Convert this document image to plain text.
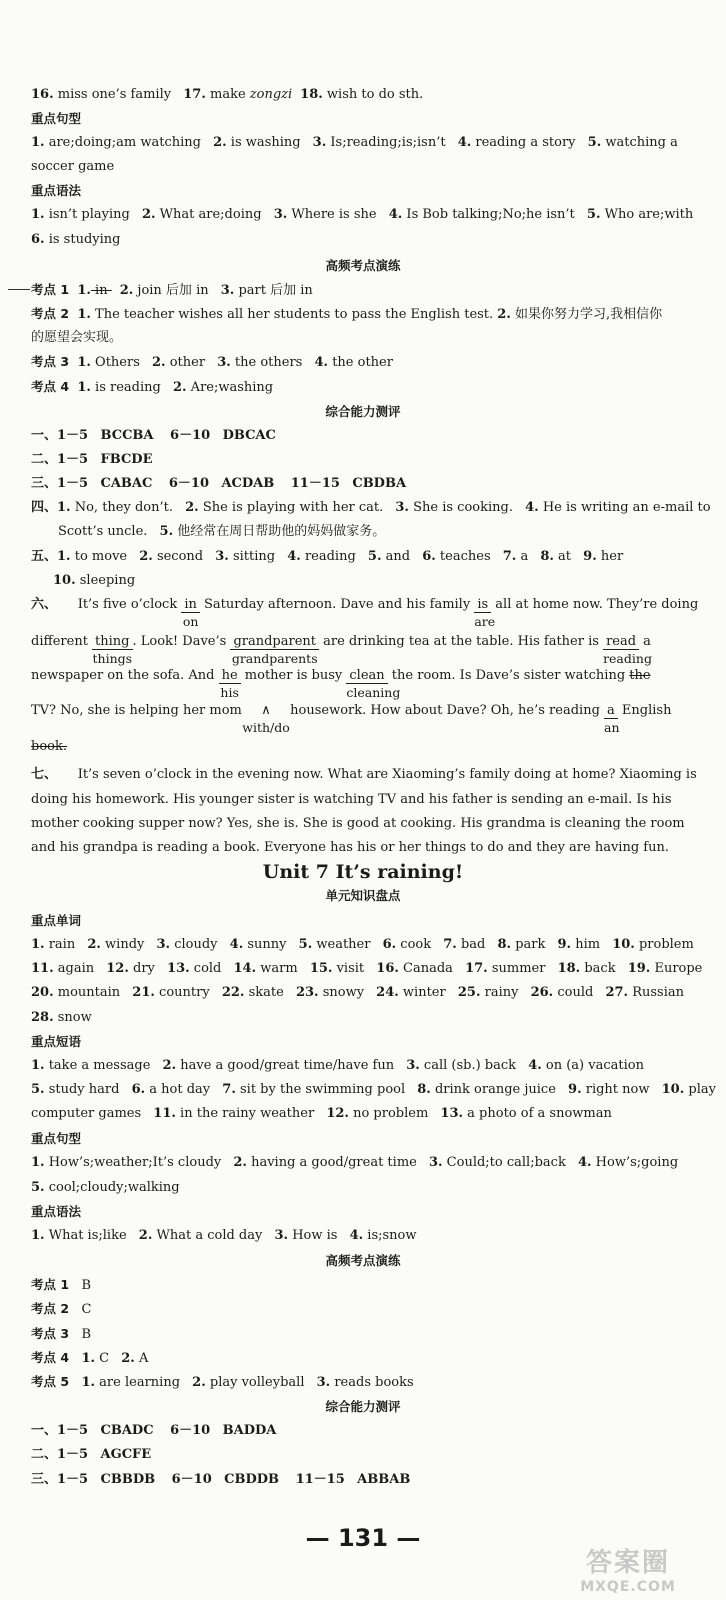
16. miss one’s family 17. make zongzi 18. wish to do sth.
重点句型
1. are;doing;am watching 2. is washing 3. Is;reading;is;isn’t 4. reading a story 5. watching a
soccer game
重点语法
1. isn’t playing 2. What are;doing 3. Where is she 4. Is Bob talking;No;he isn’t 5. Who are;with
6. is studying
高频考点演练
考点 1 1. in 2. join 后加 in 3. part 后加 in
考点 2 1. The teacher wishes all her students to pass the English test. 2. 如果你努力学习,我相信你
的愿望会实现。
考点 3 1. Others 2. other 3. the others 4. the other
考点 4 1. is reading 2. Are;washing
综合能力测评
一、1－5 BCCBA 6－10 DBCAC
二、1－5 FBCDE
三、1－5 CABAC 6－10 ACDAB 11－15 CBDBA
四、1. No, they don’t. 2. She is playing with her cat. 3. She is cooking. 4. He is writing an e-mail to
Scott’s uncle. 5. 他经常在周日帮助他的妈妈做家务。
五、1. to move 2. second 3. sitting 4. reading 5. and 6. teaches 7. a 8. at 9. her
10. sleeping
六、 It’s five o’clock in
on
Saturday afternoon. Dave and his family is
are
all at home now. They’re doing
different thing
things
. Look! Dave’s grandparent
grandparents
are drinking tea at the table. His father is read
reading
a
newspaper on the sofa. And he
his
mother is busy clean
cleaning
the room. Is Dave’s sister watching the
TV? No, she is helping her mom ∧
with/do
housework. How about Dave? Oh, he’s reading a
an
English
book.
七、 It’s seven o’clock in the evening now. What are Xiaoming’s family doing at home? Xiaoming is
doing his homework. His younger sister is watching TV and his father is sending an e-mail. Is his
mother cooking supper now? Yes, she is. She is good at cooking. His grandma is cleaning the room
and his grandpa is reading a book. Everyone has his or her things to do and they are having fun.
Unit 7 It’s raining!
单元知识盘点
重点单词
1. rain 2. windy 3. cloudy 4. sunny 5. weather 6. cook 7. bad 8. park 9. him 10. problem
11. again 12. dry 13. cold 14. warm 15. visit 16. Canada 17. summer 18. back 19. Europe
20. mountain 21. country 22. skate 23. snowy 24. winter 25. rainy 26. could 27. Russian
28. snow
重点短语
1. take a message 2. have a good/great time/have fun 3. call (sb.) back 4. on (a) vacation
5. study hard 6. a hot day 7. sit by the swimming pool 8. drink orange juice 9. right now 10. play
computer games 11. in the rainy weather 12. no problem 13. a photo of a snowman
重点句型
1. How’s;weather;It’s cloudy 2. having a good/great time 3. Could;to call;back 4. How’s;going
5. cool;cloudy;walking
重点语法
1. What is;like 2. What a cold day 3. How is 4. is;snow
高频考点演练
考点 1 B
考点 2 C
考点 3 B
考点 4 1. C 2. A
考点 5 1. are learning 2. play volleyball 3. reads books
综合能力测评
一、1－5 CBADC 6－10 BADDA
二、1－5 AGCFE
三、1－5 CBBDB 6－10 CBDDB 11－15 ABBAB
— 131 —
答案圈
MXQE.COM
